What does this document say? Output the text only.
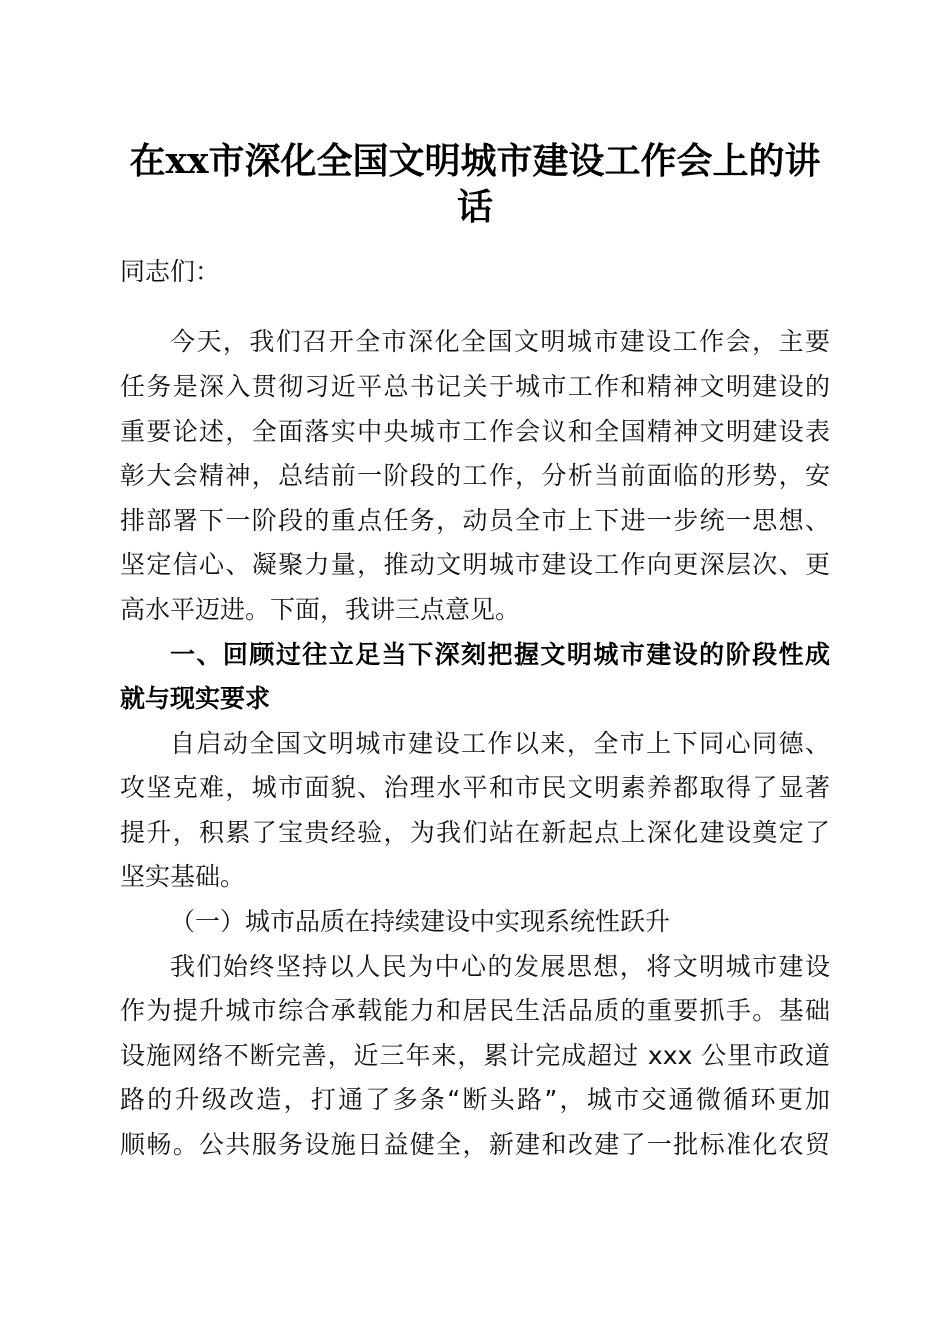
在xx市深化全国文明城市建设工作会上的讲
话
同志们：
今天，我们召开全市深化全国文明城市建设工作会，主要
任务是深入贯彻习近平总书记关于城市工作和精神文明建设的
重要论述，全面落实中央城市工作会议和全国精神文明建设表
彰大会精神，总结前一阶段的工作，分析当前面临的形势，安
排部署下一阶段的重点任务，动员全市上下进一步统一思想、
坚定信心、凝聚力量，推动文明城市建设工作向更深层次、更
高水平迈进。下面，我讲三点意见。
一、回顾过往立足当下深刻把握文明城市建设的阶段性成
就与现实要求
自启动全国文明城市建设工作以来，全市上下同心同德、
攻坚克难，城市面貌、治理水平和市民文明素养都取得了显著
提升，积累了宝贵经验，为我们站在新起点上深化建设奠定了
坚实基础。
（一）城市品质在持续建设中实现系统性跃升
我们始终坚持以人民为中心的发展思想，将文明城市建设
作为提升城市综合承载能力和居民生活品质的重要抓手。基础
设施网络不断完善，近三年来，累计完成超过 xxx 公里市政道
路的升级改造，打通了多条“断头路”，城市交通微循环更加
顺畅。公共服务设施日益健全，新建和改建了一批标准化农贸
